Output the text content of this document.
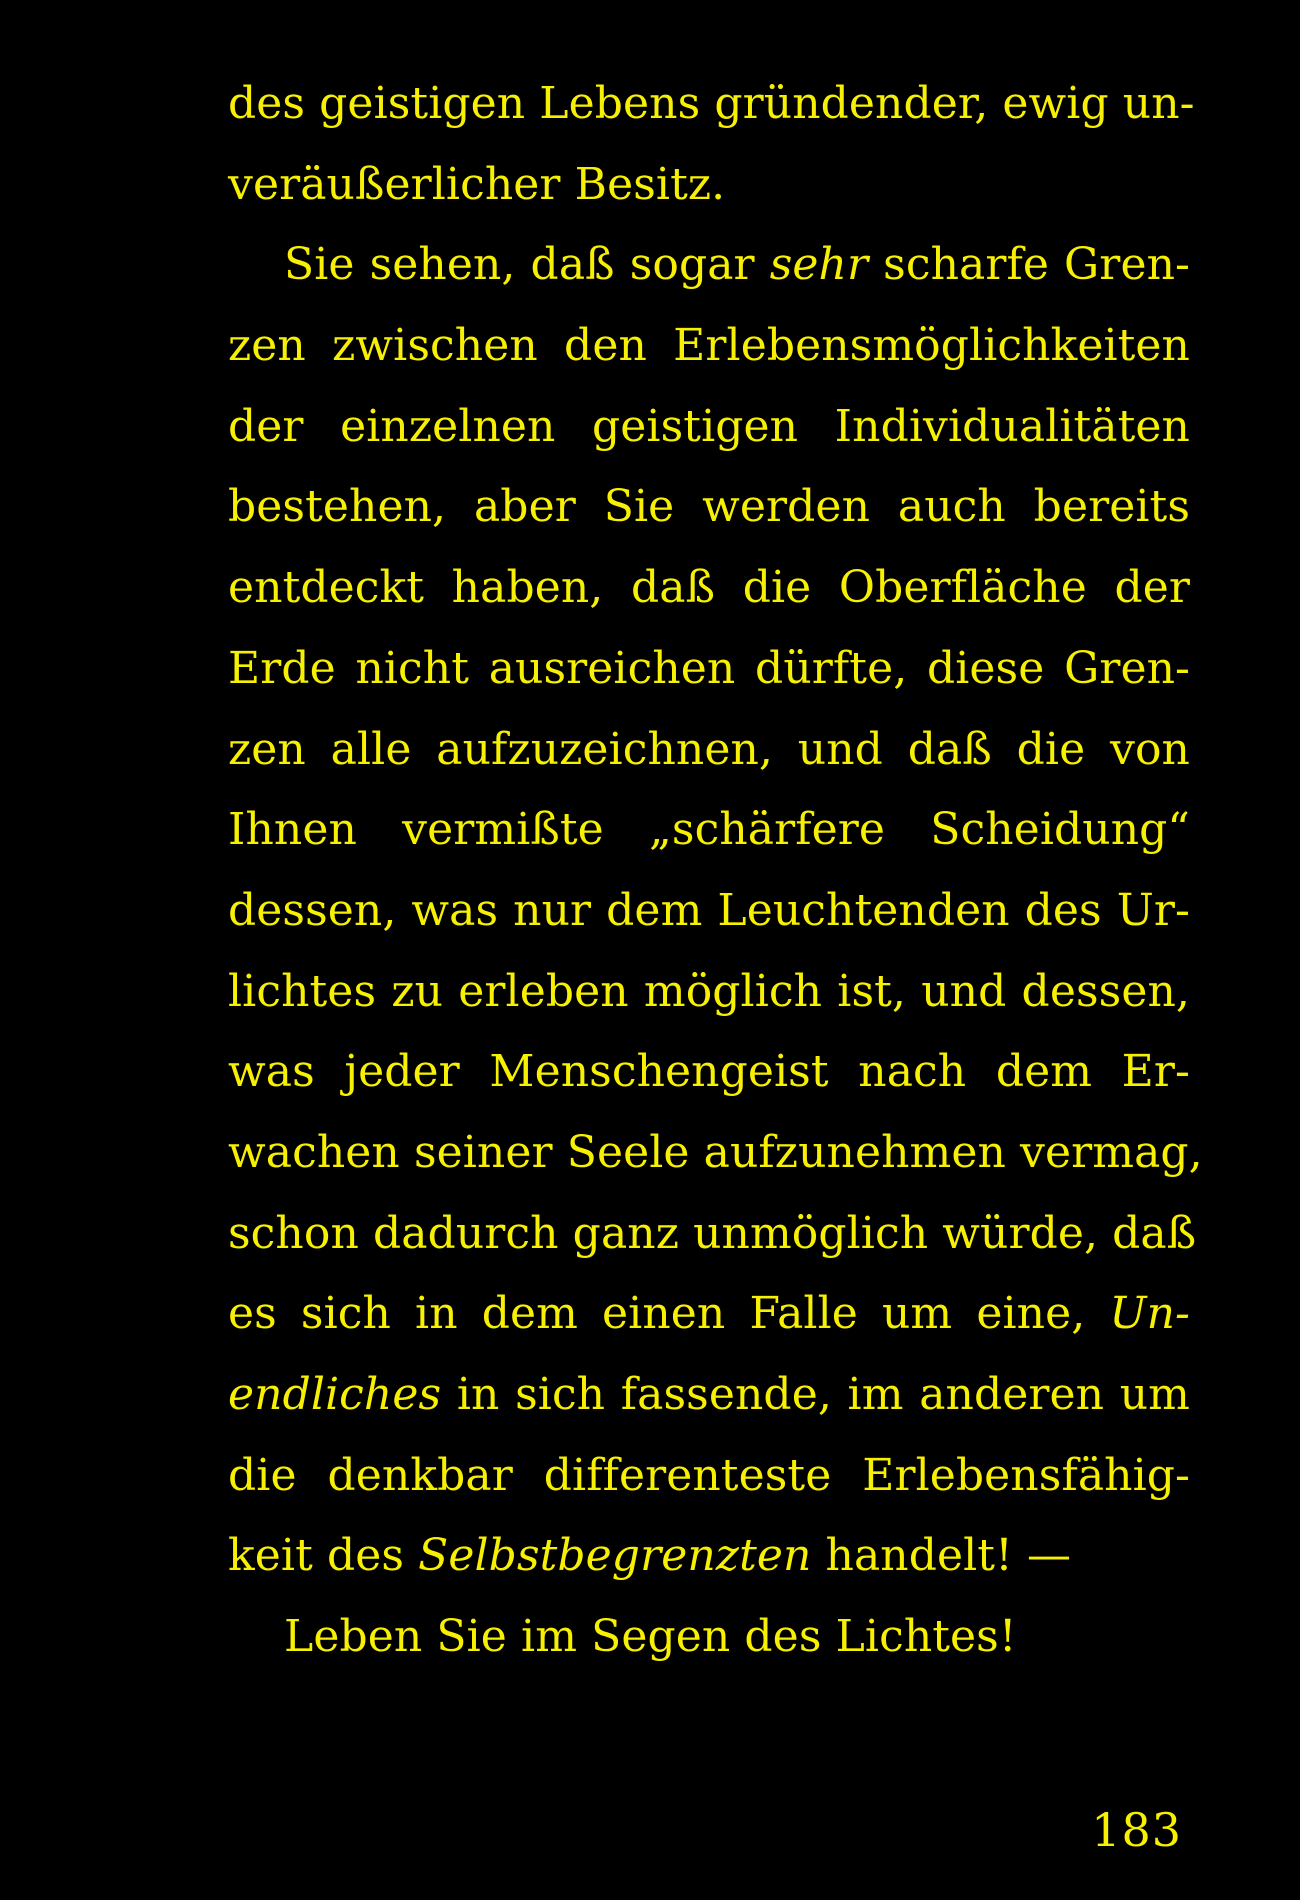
des geistigen Lebens gründender, ewig un-
veräußerlicher Besitz.
Sie sehen, daß sogar sehr scharfe Gren-
zen zwischen den Erlebensmöglichkeiten
der einzelnen geistigen Individualitäten
bestehen, aber Sie werden auch bereits
entdeckt haben, daß die Oberfläche der
Erde nicht ausreichen dürfte, diese Gren-
zen alle aufzuzeichnen, und daß die von
Ihnen vermißte „schärfere Scheidung“
dessen, was nur dem Leuchtenden des Ur-
lichtes zu erleben möglich ist, und dessen,
was jeder Menschengeist nach dem Er-
wachen seiner Seele aufzunehmen vermag,
schon dadurch ganz unmöglich würde, daß
es sich in dem einen Falle um eine, Un-
endliches in sich fassende, im anderen um
die denkbar differenteste Erlebensfähig-
keit des Selbstbegrenzten handelt! —
Leben Sie im Segen des Lichtes!
183
